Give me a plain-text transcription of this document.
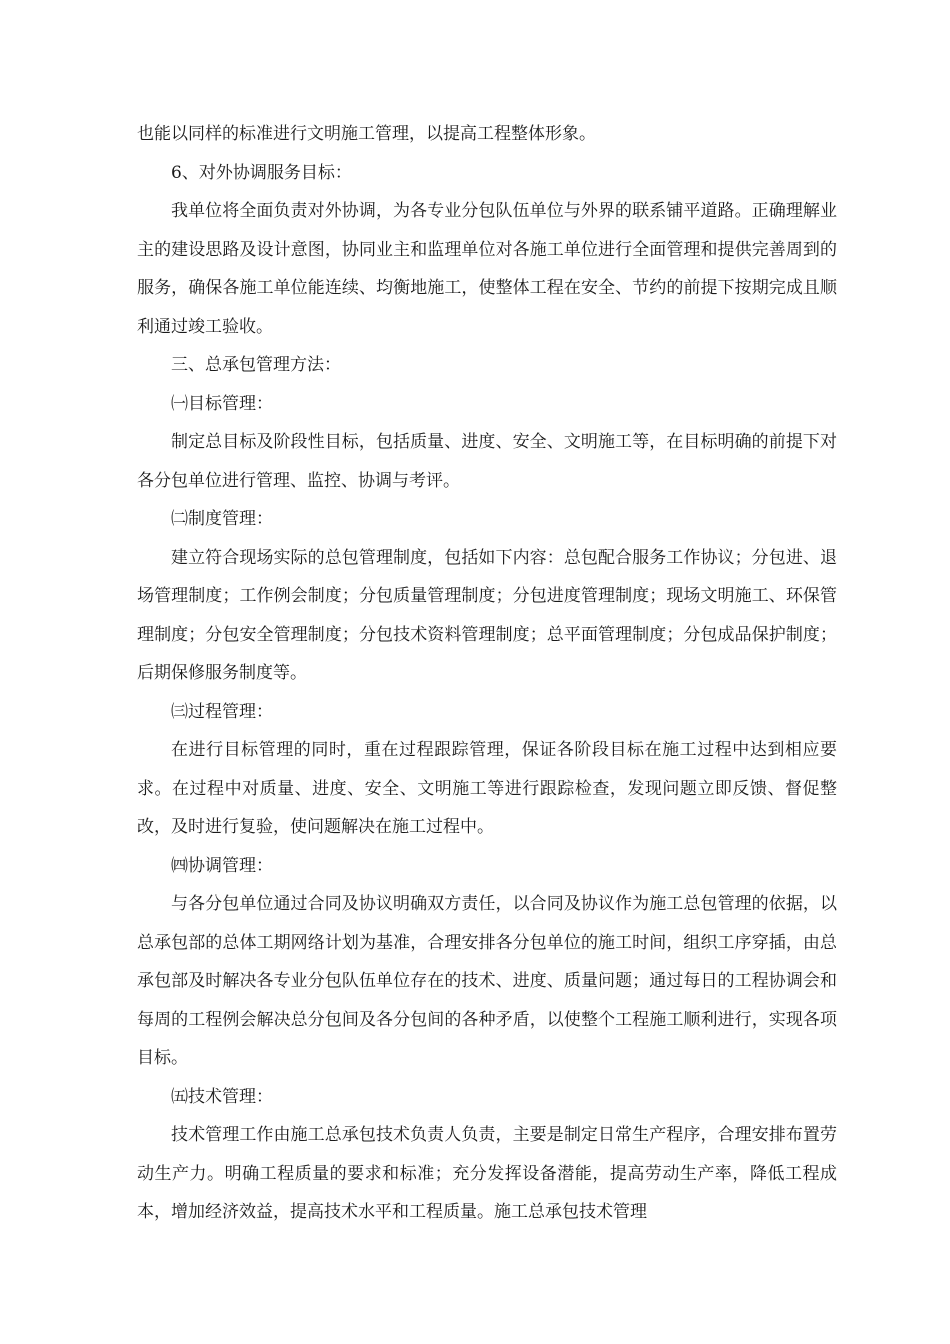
也能以同样的标准进行文明施工管理，以提高工程整体形象。

6、对外协调服务目标：

我单位将全面负责对外协调，为各专业分包队伍单位与外界的联系铺平道路。正确理解业主的建设思路及设计意图，协同业主和监理单位对各施工单位进行全面管理和提供完善周到的服务，确保各施工单位能连续、均衡地施工，使整体工程在安全、节约的前提下按期完成且顺利通过竣工验收。

三、总承包管理方法：

㈠目标管理：

制定总目标及阶段性目标，包括质量、进度、安全、文明施工等，在目标明确的前提下对各分包单位进行管理、监控、协调与考评。

㈡制度管理：

建立符合现场实际的总包管理制度，包括如下内容：总包配合服务工作协议；分包进、退场管理制度；工作例会制度；分包质量管理制度；分包进度管理制度；现场文明施工、环保管理制度；分包安全管理制度；分包技术资料管理制度；总平面管理制度；分包成品保护制度；后期保修服务制度等。

㈢过程管理：

在进行目标管理的同时，重在过程跟踪管理，保证各阶段目标在施工过程中达到相应要求。在过程中对质量、进度、安全、文明施工等进行跟踪检查，发现问题立即反馈、督促整改，及时进行复验，使问题解决在施工过程中。

㈣协调管理：

与各分包单位通过合同及协议明确双方责任，以合同及协议作为施工总包管理的依据，以总承包部的总体工期网络计划为基准，合理安排各分包单位的施工时间，组织工序穿插，由总承包部及时解决各专业分包队伍单位存在的技术、进度、质量问题；通过每日的工程协调会和每周的工程例会解决总分包间及各分包间的各种矛盾，以使整个工程施工顺利进行，实现各项目标。

㈤技术管理：

技术管理工作由施工总承包技术负责人负责，主要是制定日常生产程序，合理安排布置劳动生产力。明确工程质量的要求和标准；充分发挥设备潜能，提高劳动生产率，降低工程成本，增加经济效益，提高技术水平和工程质量。施工总承包技术管理
